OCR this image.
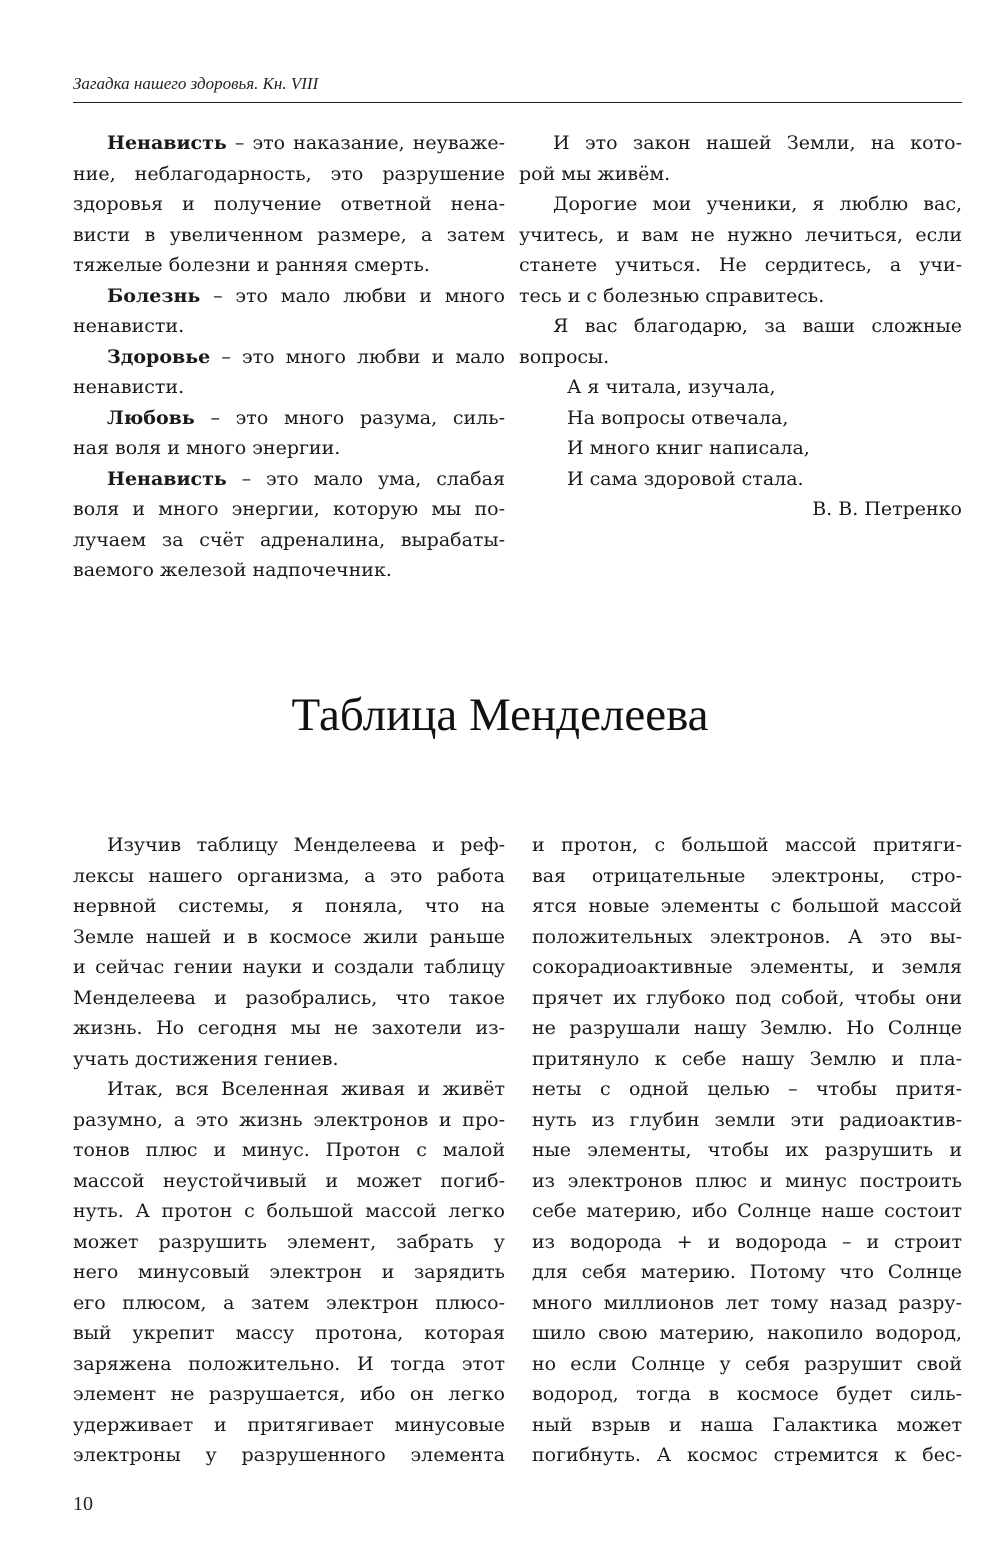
Загадка нашего здоровья. Кн. VIII

Ненависть – это наказание, неуваже-

ние, неблагодарность, это разрушение

здоровья и получение ответной нена-

висти в увеличенном размере, а затем

тяжелые болезни и ранняя смерть.

Болезнь – это мало любви и много

ненависти.

Здоровье – это много любви и мало

ненависти.

Любовь – это много разума, силь-

ная воля и много энергии.

Ненависть – это мало ума, слабая

воля и много энергии, которую мы по-

лучаем за счёт адреналина, вырабаты-

ваемого железой надпочечник.

И это закон нашей Земли, на кото-

рой мы живём.

Дорогие мои ученики, я люблю вас,

учитесь, и вам не нужно лечиться, если

станете учиться. Не сердитесь, а учи-

тесь и с болезнью справитесь.

Я вас благодарю, за ваши сложные

вопросы.

А я читала, изучала,

На вопросы отвечала,

И много книг написала,

И сама здоровой стала.

В. В. Петренко

Таблица Менделеева

Изучив таблицу Менделеева и реф-

лексы нашего организма, а это работа

нервной системы, я поняла, что на

Земле нашей и в космосе жили раньше

и сейчас гении науки и создали таблицу

Менделеева и разобрались, что такое

жизнь. Но сегодня мы не захотели из-

учать достижения гениев.

Итак, вся Вселенная живая и живёт

разумно, а это жизнь электронов и про-

тонов плюс и минус. Протон с малой

массой неустойчивый и может погиб-

нуть. А протон с большой массой легко

может разрушить элемент, забрать у

него минусовый электрон и зарядить

его плюсом, а затем электрон плюсо-

вый укрепит массу протона, которая

заряжена положительно. И тогда этот

элемент не разрушается, ибо он легко

удерживает и притягивает минусовые

электроны у разрушенного элемента

и протон, с большой массой притяги-

вая отрицательные электроны, стро-

ятся новые элементы с большой массой

положительных электронов. А это вы-

сокорадиоактивные элементы, и земля

прячет их глубоко под собой, чтобы они

не разрушали нашу Землю. Но Солнце

притянуло к себе нашу Землю и пла-

неты с одной целью – чтобы притя-

нуть из глубин земли эти радиоактив-

ные элементы, чтобы их разрушить и

из электронов плюс и минус построить

себе материю, ибо Солнце наше состоит

из водорода + и водорода – и строит

для себя материю. Потому что Солнце

много миллионов лет тому назад разру-

шило свою материю, накопило водород,

но если Солнце у себя разрушит свой

водород, тогда в космосе будет силь-

ный взрыв и наша Галактика может

погибнуть. А космос стремится к бес-

10
